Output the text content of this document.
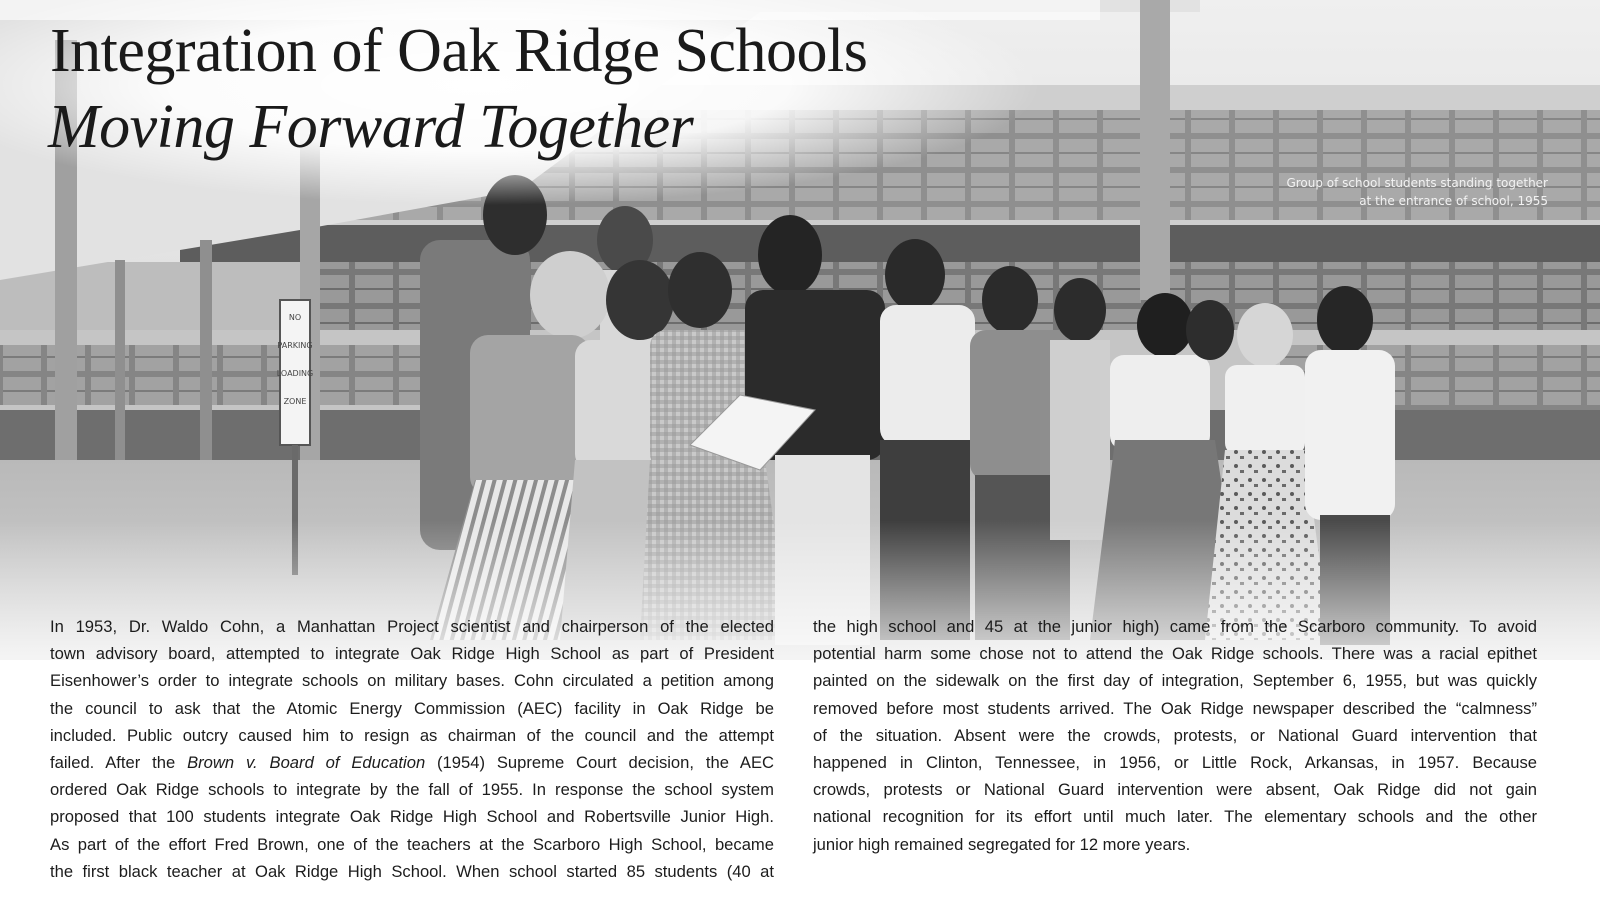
NO
PARKING
LOADING
ZONE
Integration of Oak Ridge Schools
Moving Forward Together
Group of school students standing together
at the entrance of school, 1955
In 1953, Dr. Waldo Cohn, a Manhattan Project scientist and chairperson of the elected
town advisory board, attempted to integrate Oak Ridge High School as part of President
Eisenhower’s order to integrate schools on military bases. Cohn circulated a petition among
the council to ask that the Atomic Energy Commission (AEC) facility in Oak Ridge be
included. Public outcry caused him to resign as chairman of the council and the attempt
failed. After the Brown v. Board of Education (1954) Supreme Court decision, the AEC
ordered Oak Ridge schools to integrate by the fall of 1955. In response the school system
proposed that 100 students integrate Oak Ridge High School and Robertsville Junior High.
As part of the effort Fred Brown, one of the teachers at the Scarboro High School, became
the first black teacher at Oak Ridge High School. When school started 85 students (40 at
the high school and 45 at the junior high) came from the Scarboro community. To avoid
potential harm some chose not to attend the Oak Ridge schools. There was a racial epithet
painted on the sidewalk on the first day of integration, September 6, 1955, but was quickly
removed before most students arrived. The Oak Ridge newspaper described the “calmness”
of the situation. Absent were the crowds, protests, or National Guard intervention that
happened in Clinton, Tennessee, in 1956, or Little Rock, Arkansas, in 1957. Because
crowds, protests or National Guard intervention were absent, Oak Ridge did not gain
national recognition for its effort until much later. The elementary schools and the other
junior high remained segregated for 12 more years.
